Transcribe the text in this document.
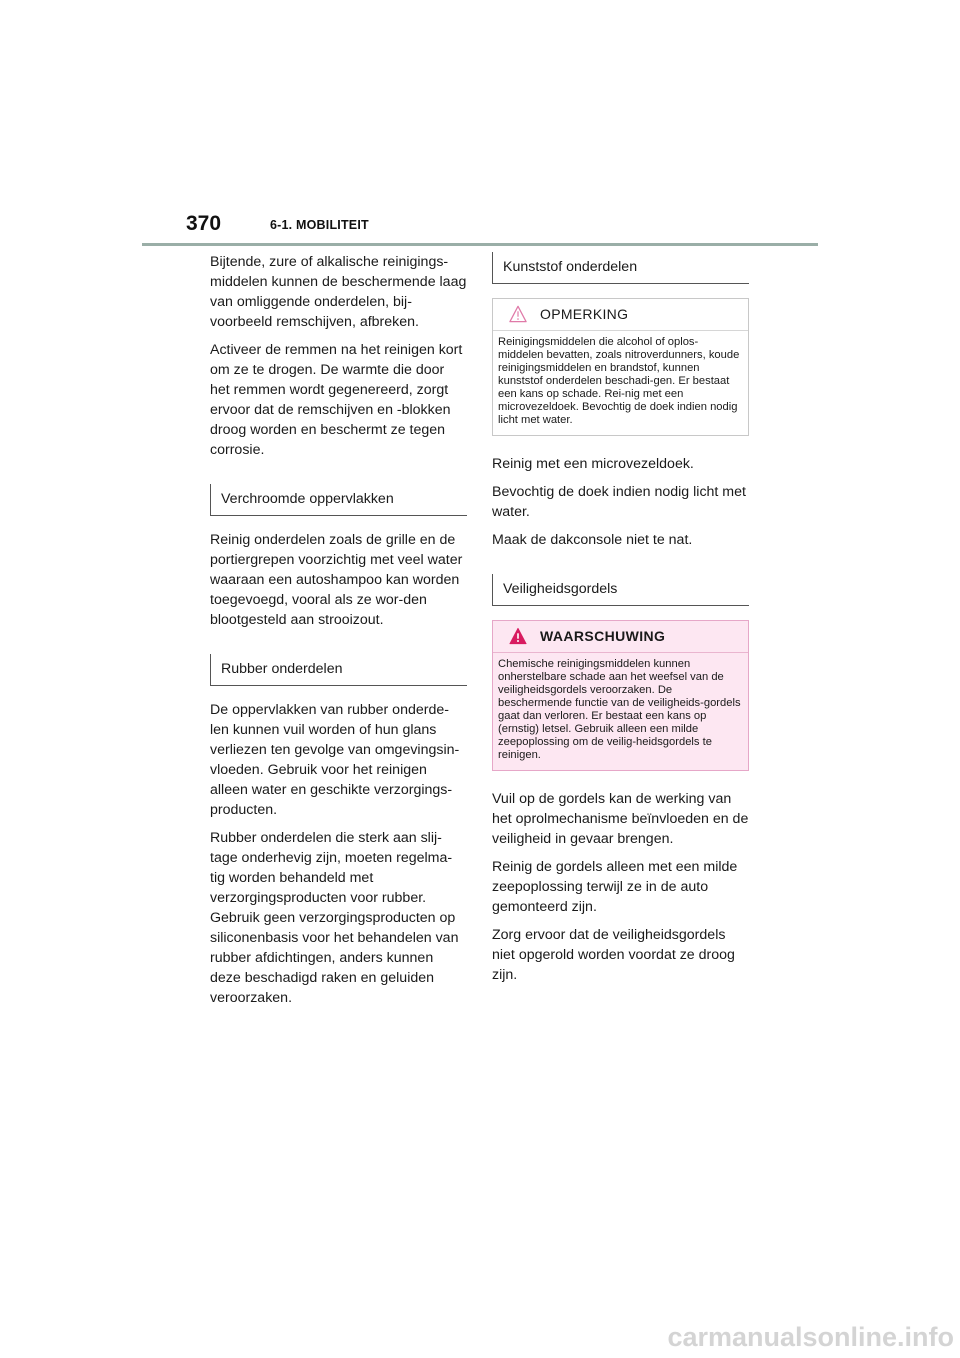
370	6-1. MOBILITEIT

Bijtende, zure of alkalische reinigings-middelen kunnen de beschermende laag van omliggende onderdelen, bij-voorbeeld remschijven, afbreken.

Activeer de remmen na het reinigen kort om ze te drogen. De warmte die door het remmen wordt gegenereerd, zorgt ervoor dat de remschijven en -blokken droog worden en beschermt ze tegen corrosie.

Verchroomde oppervlakken

Reinig onderdelen zoals de grille en de portiergrepen voorzichtig met veel water waaraan een autoshampoo kan worden toegevoegd, vooral als ze wor-den blootgesteld aan strooizout.

Rubber onderdelen

De oppervlakken van rubber onderde-len kunnen vuil worden of hun glans verliezen ten gevolge van omgevingsin-vloeden. Gebruik voor het reinigen alleen water en geschikte verzorgings-producten.

Rubber onderdelen die sterk aan slij-tage onderhevig zijn, moeten regelma-tig worden behandeld met verzorgingsproducten voor rubber. Gebruik geen verzorgingsproducten op siliconenbasis voor het behandelen van rubber afdichtingen, anders kunnen deze beschadigd raken en geluiden veroorzaken.

Kunststof onderdelen
OPMERKING
Reinigingsmiddelen die alcohol of oplos-middelen bevatten, zoals nitroverdunners, koude reinigingsmiddelen en brandstof, kunnen kunststof onderdelen beschadi-gen. Er bestaat een kans op schade. Rei-nig met een microvezeldoek. Bevochtig de doek indien nodig licht met water.

Reinig met een microvezeldoek.

Bevochtig de doek indien nodig licht met water.

Maak de dakconsole niet te nat.

Veiligheidsgordels
WAARSCHUWING
Chemische reinigingsmiddelen kunnen onherstelbare schade aan het weefsel van de veiligheidsgordels veroorzaken. De beschermende functie van de veiligheids-gordels gaat dan verloren. Er bestaat een kans op (ernstig) letsel. Gebruik alleen een milde zeepoplossing om de veilig-heidsgordels te reinigen.

Vuil op de gordels kan de werking van het oprolmechanisme beïnvloeden en de veiligheid in gevaar brengen.

Reinig de gordels alleen met een milde zeepoplossing terwijl ze in de auto gemonteerd zijn.

Zorg ervoor dat de veiligheidsgordels niet opgerold worden voordat ze droog zijn.

carmanualsonline.info
